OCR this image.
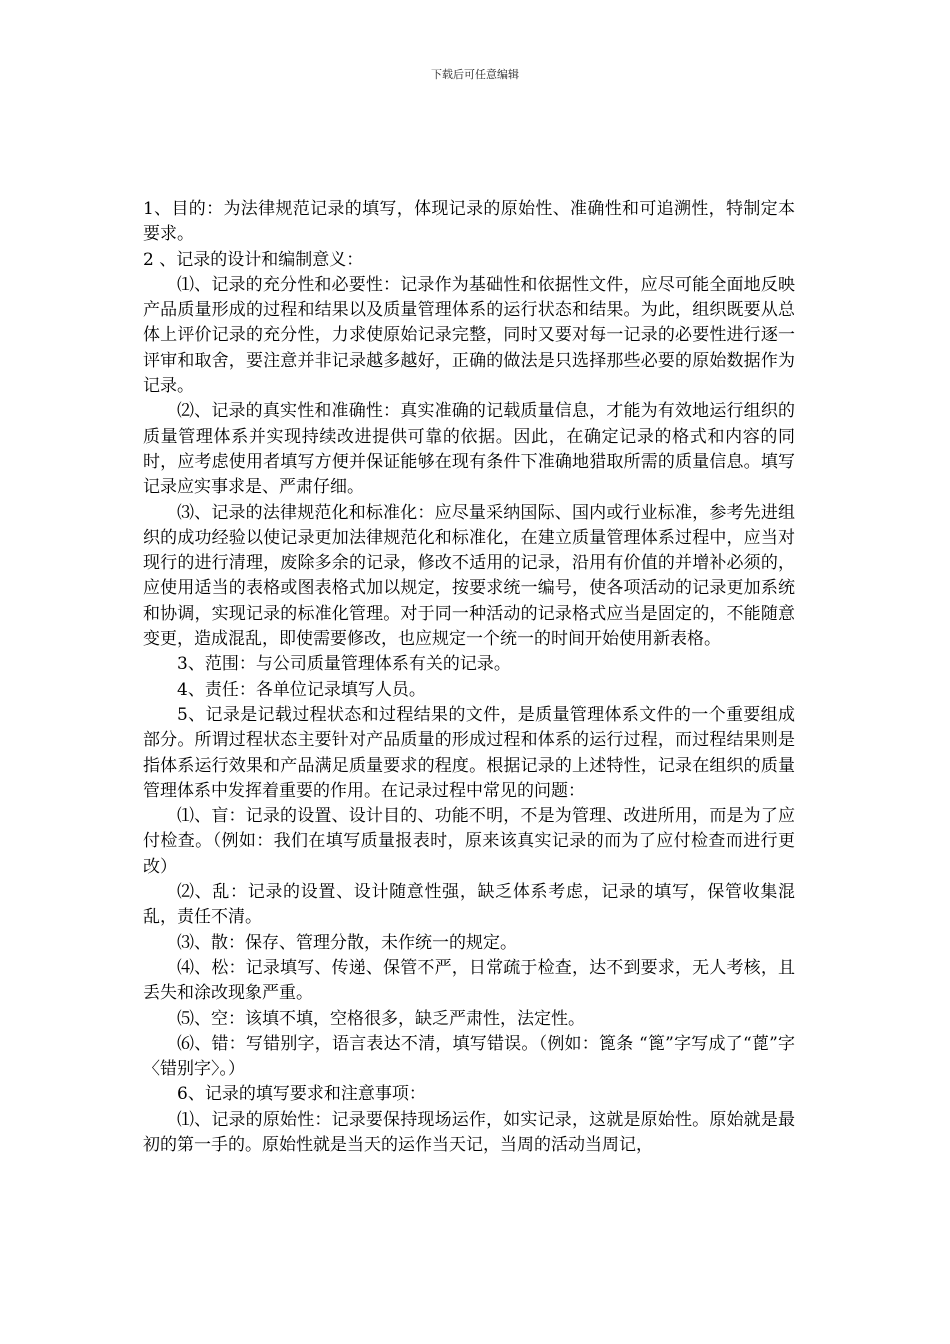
下载后可任意编辑

1、目的：为法律规范记录的填写，体现记录的原始性、准确性和可追溯性，特制定本要求。

2 、记录的设计和编制意义：

⑴、记录的充分性和必要性：记录作为基础性和依据性文件，应尽可能全面地反映产品质量形成的过程和结果以及质量管理体系的运行状态和结果。为此，组织既要从总体上评价记录的充分性，力求使原始记录完整，同时又要对每一记录的必要性进行逐一评审和取舍，要注意并非记录越多越好，正确的做法是只选择那些必要的原始数据作为记录。

⑵、记录的真实性和准确性：真实准确的记载质量信息，才能为有效地运行组织的质量管理体系并实现持续改进提供可靠的依据。因此，在确定记录的格式和内容的同时，应考虑使用者填写方便并保证能够在现有条件下准确地猎取所需的质量信息。填写记录应实事求是、严肃仔细。

⑶、记录的法律规范化和标准化：应尽量采纳国际、国内或行业标准，参考先进组织的成功经验以使记录更加法律规范化和标准化，在建立质量管理体系过程中，应当对现行的进行清理，废除多余的记录，修改不适用的记录，沿用有价值的并增补必须的，应使用适当的表格或图表格式加以规定，按要求统一编号，使各项活动的记录更加系统和协调，实现记录的标准化管理。对于同一种活动的记录格式应当是固定的，不能随意变更，造成混乱，即使需要修改，也应规定一个统一的时间开始使用新表格。

3、范围：与公司质量管理体系有关的记录。

4、责任：各单位记录填写人员。

5、记录是记载过程状态和过程结果的文件，是质量管理体系文件的一个重要组成部分。所谓过程状态主要针对产品质量的形成过程和体系的运行过程，而过程结果则是指体系运行效果和产品满足质量要求的程度。根据记录的上述特性，记录在组织的质量管理体系中发挥着重要的作用。在记录过程中常见的问题：

⑴、盲：记录的设置、设计目的、功能不明，不是为管理、改进所用，而是为了应付检查。（例如：我们在填写质量报表时，原来该真实记录的而为了应付检查而进行更改）

⑵、乱：记录的设置、设计随意性强，缺乏体系考虑，记录的填写，保管收集混乱，责任不清。

⑶、散：保存、管理分散，未作统一的规定。

⑷、松：记录填写、传递、保管不严，日常疏于检查，达不到要求，无人考核，且丢失和涂改现象严重。

⑸、空：该填不填，空格很多，缺乏严肃性，法定性。

⑹、错：写错别字，语言表达不清，填写错误。（例如：篦条 “篦”字写成了“蓖”字〈错别字〉。）

6、记录的填写要求和注意事项：

⑴、记录的原始性：记录要保持现场运作，如实记录，这就是原始性。原始就是最初的第一手的。原始性就是当天的运作当天记，当周的活动当周记，
